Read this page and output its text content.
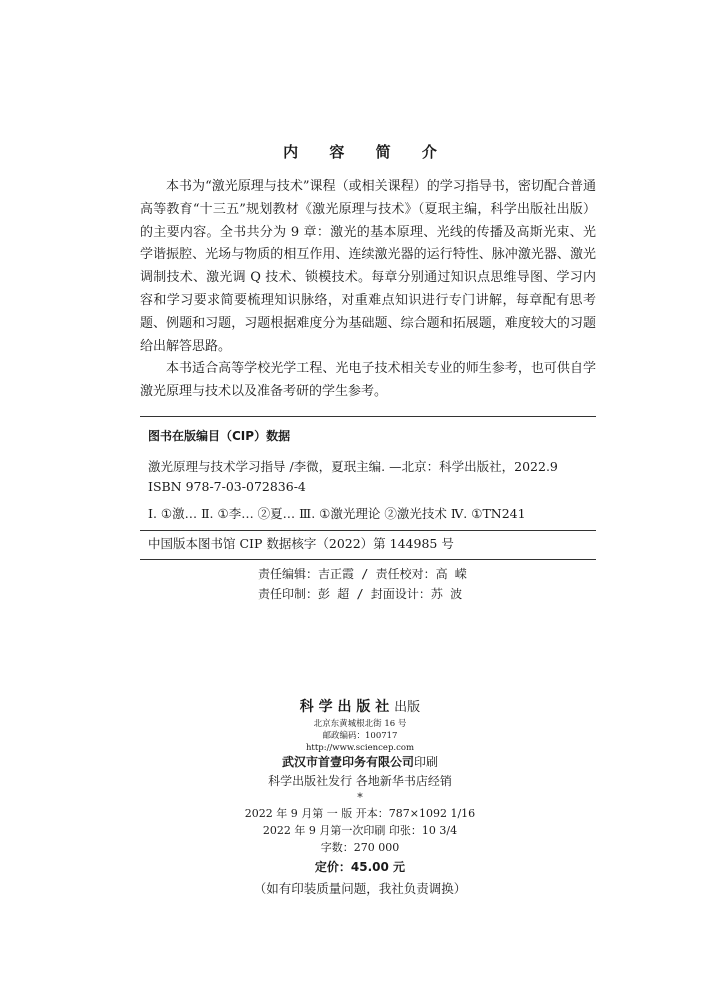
内 容 简 介

本书为“激光原理与技术”课程（或相关课程）的学习指导书，密切配合普通高等教育“十三五”规划教材《激光原理与技术》（夏珉主编，科学出版社出版）的主要内容。全书共分为 9 章：激光的基本原理、光线的传播及高斯光束、光学谐振腔、光场与物质的相互作用、连续激光器的运行特性、脉冲激光器、激光调制技术、激光调 Q 技术、锁模技术。每章分别通过知识点思维导图、学习内容和学习要求简要梳理知识脉络，对重难点知识进行专门讲解，每章配有思考题、例题和习题，习题根据难度分为基础题、综合题和拓展题，难度较大的习题给出解答思路。

本书适合高等学校光学工程、光电子技术相关专业的师生参考，也可供自学激光原理与技术以及准备考研的学生参考。

图书在版编目（CIP）数据
激光原理与技术学习指导 /李微，夏珉主编. —北京：科学出版社，2022.9
ISBN 978-7-03-072836-4
Ⅰ. ①激… Ⅱ. ①李… ②夏… Ⅲ. ①激光理论 ②激光技术 Ⅳ. ①TN241
中国版本图书馆 CIP 数据核字（2022）第 144985 号
责任编辑：吉正霞 / 责任校对：高 嵘
责任印制：彭 超 / 封面设计：苏 波
科 学 出 版 社 出版
北京东黄城根北街 16 号
邮政编码：100717
http://www.sciencep.com
武汉市首壹印务有限公司印刷
科学出版社发行 各地新华书店经销
*
2022 年 9 月第 一 版 开本：787×1092 1/16
2022 年 9 月第一次印刷 印张：10 3/4
字数：270 000
定价：45.00 元
（如有印装质量问题，我社负责调换）
